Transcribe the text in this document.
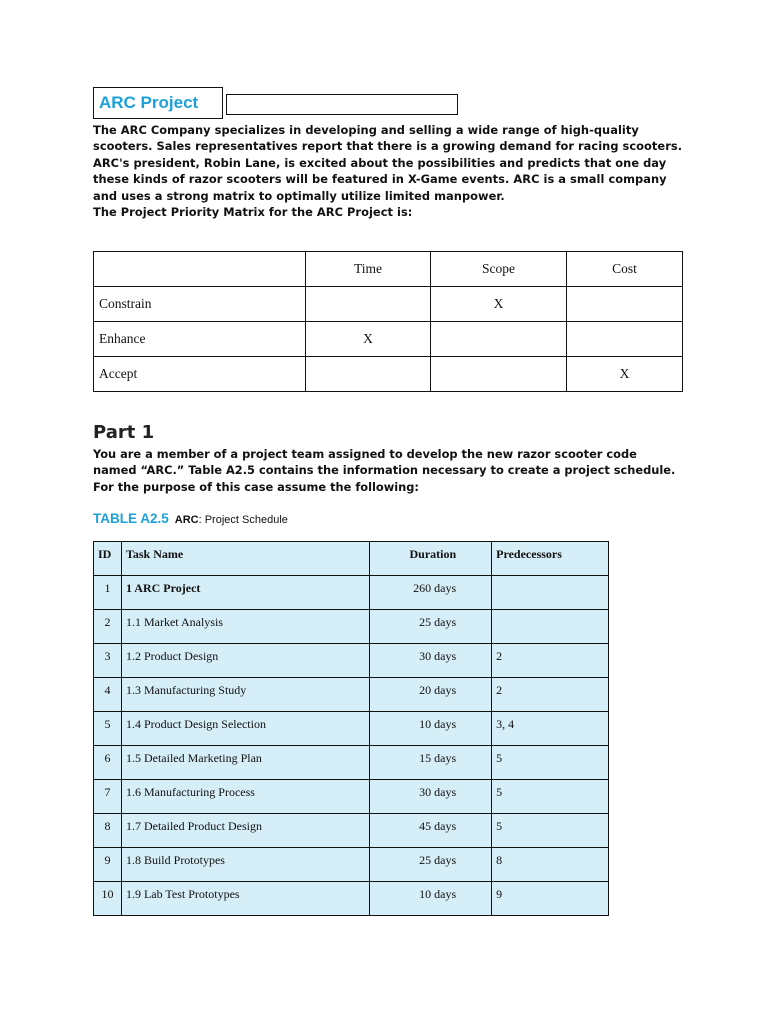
ARC Project

The ARC Company specializes in developing and selling a wide range of high-quality scooters. Sales representatives report that there is a growing demand for racing scooters. ARC's president, Robin Lane, is excited about the possibilities and predicts that one day these kinds of razor scooters will be featured in X-Game events. ARC is a small company and uses a strong matrix to optimally utilize limited manpower.

The Project Priority Matrix for the ARC Project is:

	Time	Scope	Cost
Constrain		X	
Enhance	X		
Accept			X
Part 1
You are a member of a project team assigned to develop the new razor scooter code named “ARC.” Table A2.5 contains the information necessary to create a project schedule. For the purpose of this case assume the following:
TABLE A2.5 ARC: Project Schedule
ID	Task Name	Duration	Predecessors
1	1 ARC Project	260 days	
2	1.1 Market Analysis	25 days	
3	1.2 Product Design	30 days	2
4	1.3 Manufacturing Study	20 days	2
5	1.4 Product Design Selection	10 days	3, 4
6	1.5 Detailed Marketing Plan	15 days	5
7	1.6 Manufacturing Process	30 days	5
8	1.7 Detailed Product Design	45 days	5
9	1.8 Build Prototypes	25 days	8
10	1.9 Lab Test Prototypes	10 days	9
